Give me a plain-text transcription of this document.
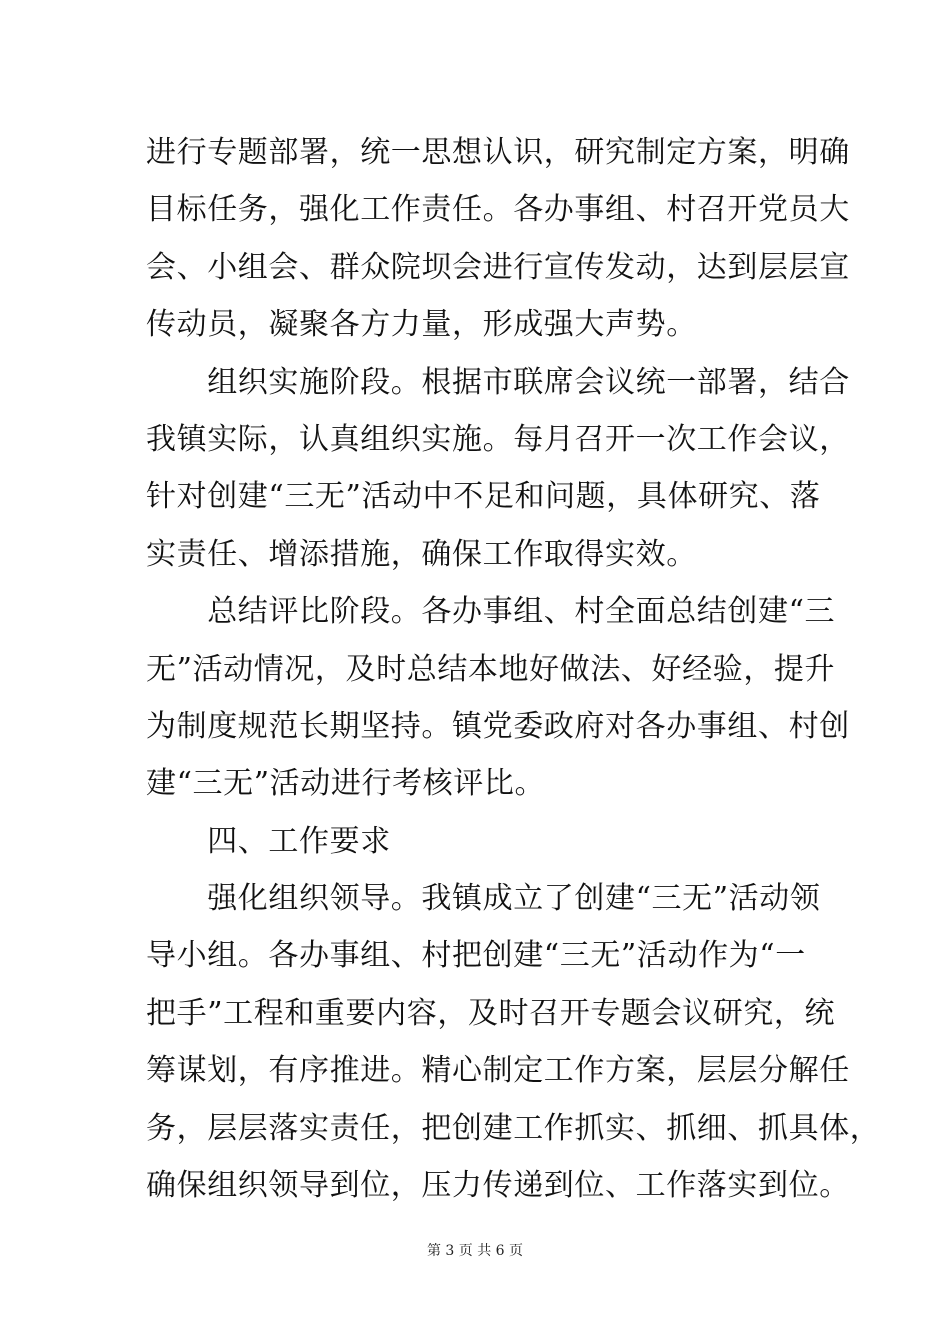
进行专题部署，统一思想认识，研究制定方案，明确
目标任务，强化工作责任。各办事组、村召开党员大
会、小组会、群众院坝会进行宣传发动，达到层层宣
传动员，凝聚各方力量，形成强大声势。
　　组织实施阶段。根据市联席会议统一部署，结合
我镇实际，认真组织实施。每月召开一次工作会议，
针对创建“三无”活动中不足和问题，具体研究、落
实责任、增添措施，确保工作取得实效。
　　总结评比阶段。各办事组、村全面总结创建“三
无”活动情况，及时总结本地好做法、好经验，提升
为制度规范长期坚持。镇党委政府对各办事组、村创
建“三无”活动进行考核评比。
　　四、工作要求
　　强化组织领导。我镇成立了创建“三无”活动领
导小组。各办事组、村把创建“三无”活动作为“一
把手”工程和重要内容，及时召开专题会议研究，统
筹谋划，有序推进。精心制定工作方案，层层分解任
务，层层落实责任，把创建工作抓实、抓细、抓具体，
确保组织领导到位，压力传递到位、工作落实到位。
第 3 页 共 6 页
